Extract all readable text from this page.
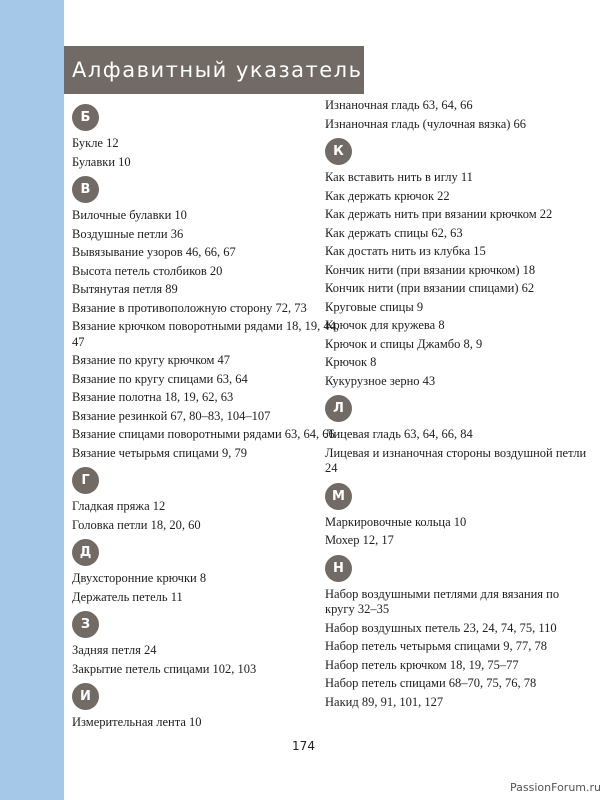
Алфавитный указатель
Б
Букле 12
Булавки 10
В
Вилочные булавки 10
Воздушные петли 36
Вывязывание узоров 46, 66, 67
Высота петель столбиков 20
Вытянутая петля 89
Вязание в противоположную сторону 72, 73
Вязание крючком поворотными рядами 18, 19, 44, 47
Вязание по кругу крючком 47
Вязание по кругу спицами 63, 64
Вязание полотна 18, 19, 62, 63
Вязание резинкой 67, 80–83, 104–107
Вязание спицами поворотными рядами 63, 64, 66
Вязание четырьмя спицами 9, 79
Г
Гладкая пряжа 12
Головка петли 18, 20, 60
Д
Двухсторонние крючки 8
Держатель петель 11
З
Задняя петля 24
Закрытие петель спицами 102, 103
И
Измерительная лента 10
Изнаночная гладь 63, 64, 66
Изнаночная гладь (чулочная вязка) 66
К
Как вставить нить в иглу 11
Как держать крючок 22
Как держать нить при вязании крючком 22
Как держать спицы 62, 63
Как достать нить из клубка 15
Кончик нити (при вязании крючком) 18
Кончик нити (при вязании спицами) 62
Круговые спицы 9
Крючок для кружева 8
Крючок и спицы Джамбо 8, 9
Крючок 8
Кукурузное зерно 43
Л
Лицевая гладь 63, 64, 66, 84
Лицевая и изнаночная стороны воздушной петли 24
М
Маркировочные кольца 10
Мохер 12, 17
Н
Набор воздушными петлями для вязания по кругу 32–35
Набор воздушных петель 23, 24, 74, 75, 110
Набор петель четырьмя спицами 9, 77, 78
Набор петель крючком 18, 19, 75–77
Набор петель спицами 68–70, 75, 76, 78
Накид 89, 91, 101, 127
174
PassionForum.ru
